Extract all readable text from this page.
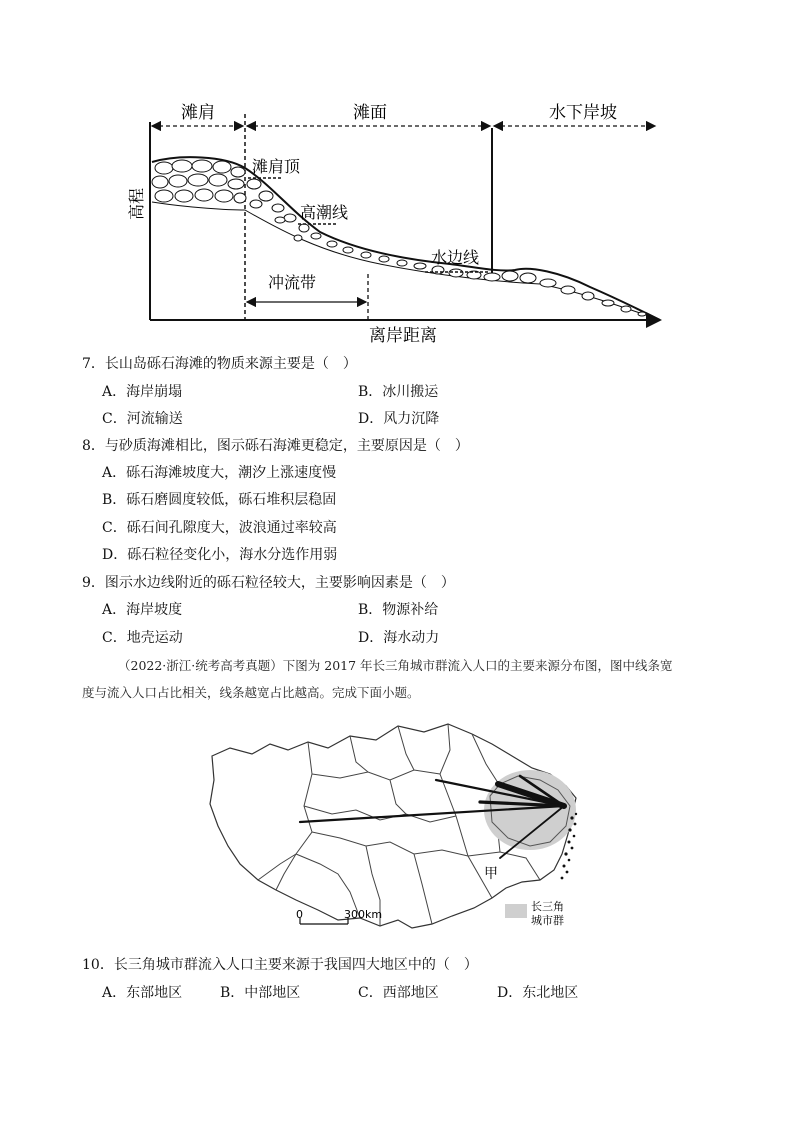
滩肩	滩面	水下岸坡
高程
滩肩顶
高潮线
水边线
冲流带
离岸距离
7．长山岛砾石海滩的物质来源主要是（　）
A．海岸崩塌	B．冰川搬运
C．河流输送	D．风力沉降
8．与砂质海滩相比，图示砾石海滩更稳定，主要原因是（　）
A．砾石海滩坡度大，潮汐上涨速度慢
B．砾石磨圆度较低，砾石堆积层稳固
C．砾石间孔隙度大，波浪通过率较高
D．砾石粒径变化小，海水分选作用弱
9．图示水边线附近的砾石粒径较大，主要影响因素是（　）
A．海岸坡度	B．物源补给
C．地壳运动	D．海水动力
（2022·浙江·统考高考真题）下图为 2017 年长三角城市群流入人口的主要来源分布图，图中线条宽
度与流入人口占比相关，线条越宽占比越高。完成下面小题。
甲
0	300km
长三角
城市群
10．长三角城市群流入人口主要来源于我国四大地区中的（　）
A．东部地区	B．中部地区	C．西部地区	D．东北地区
